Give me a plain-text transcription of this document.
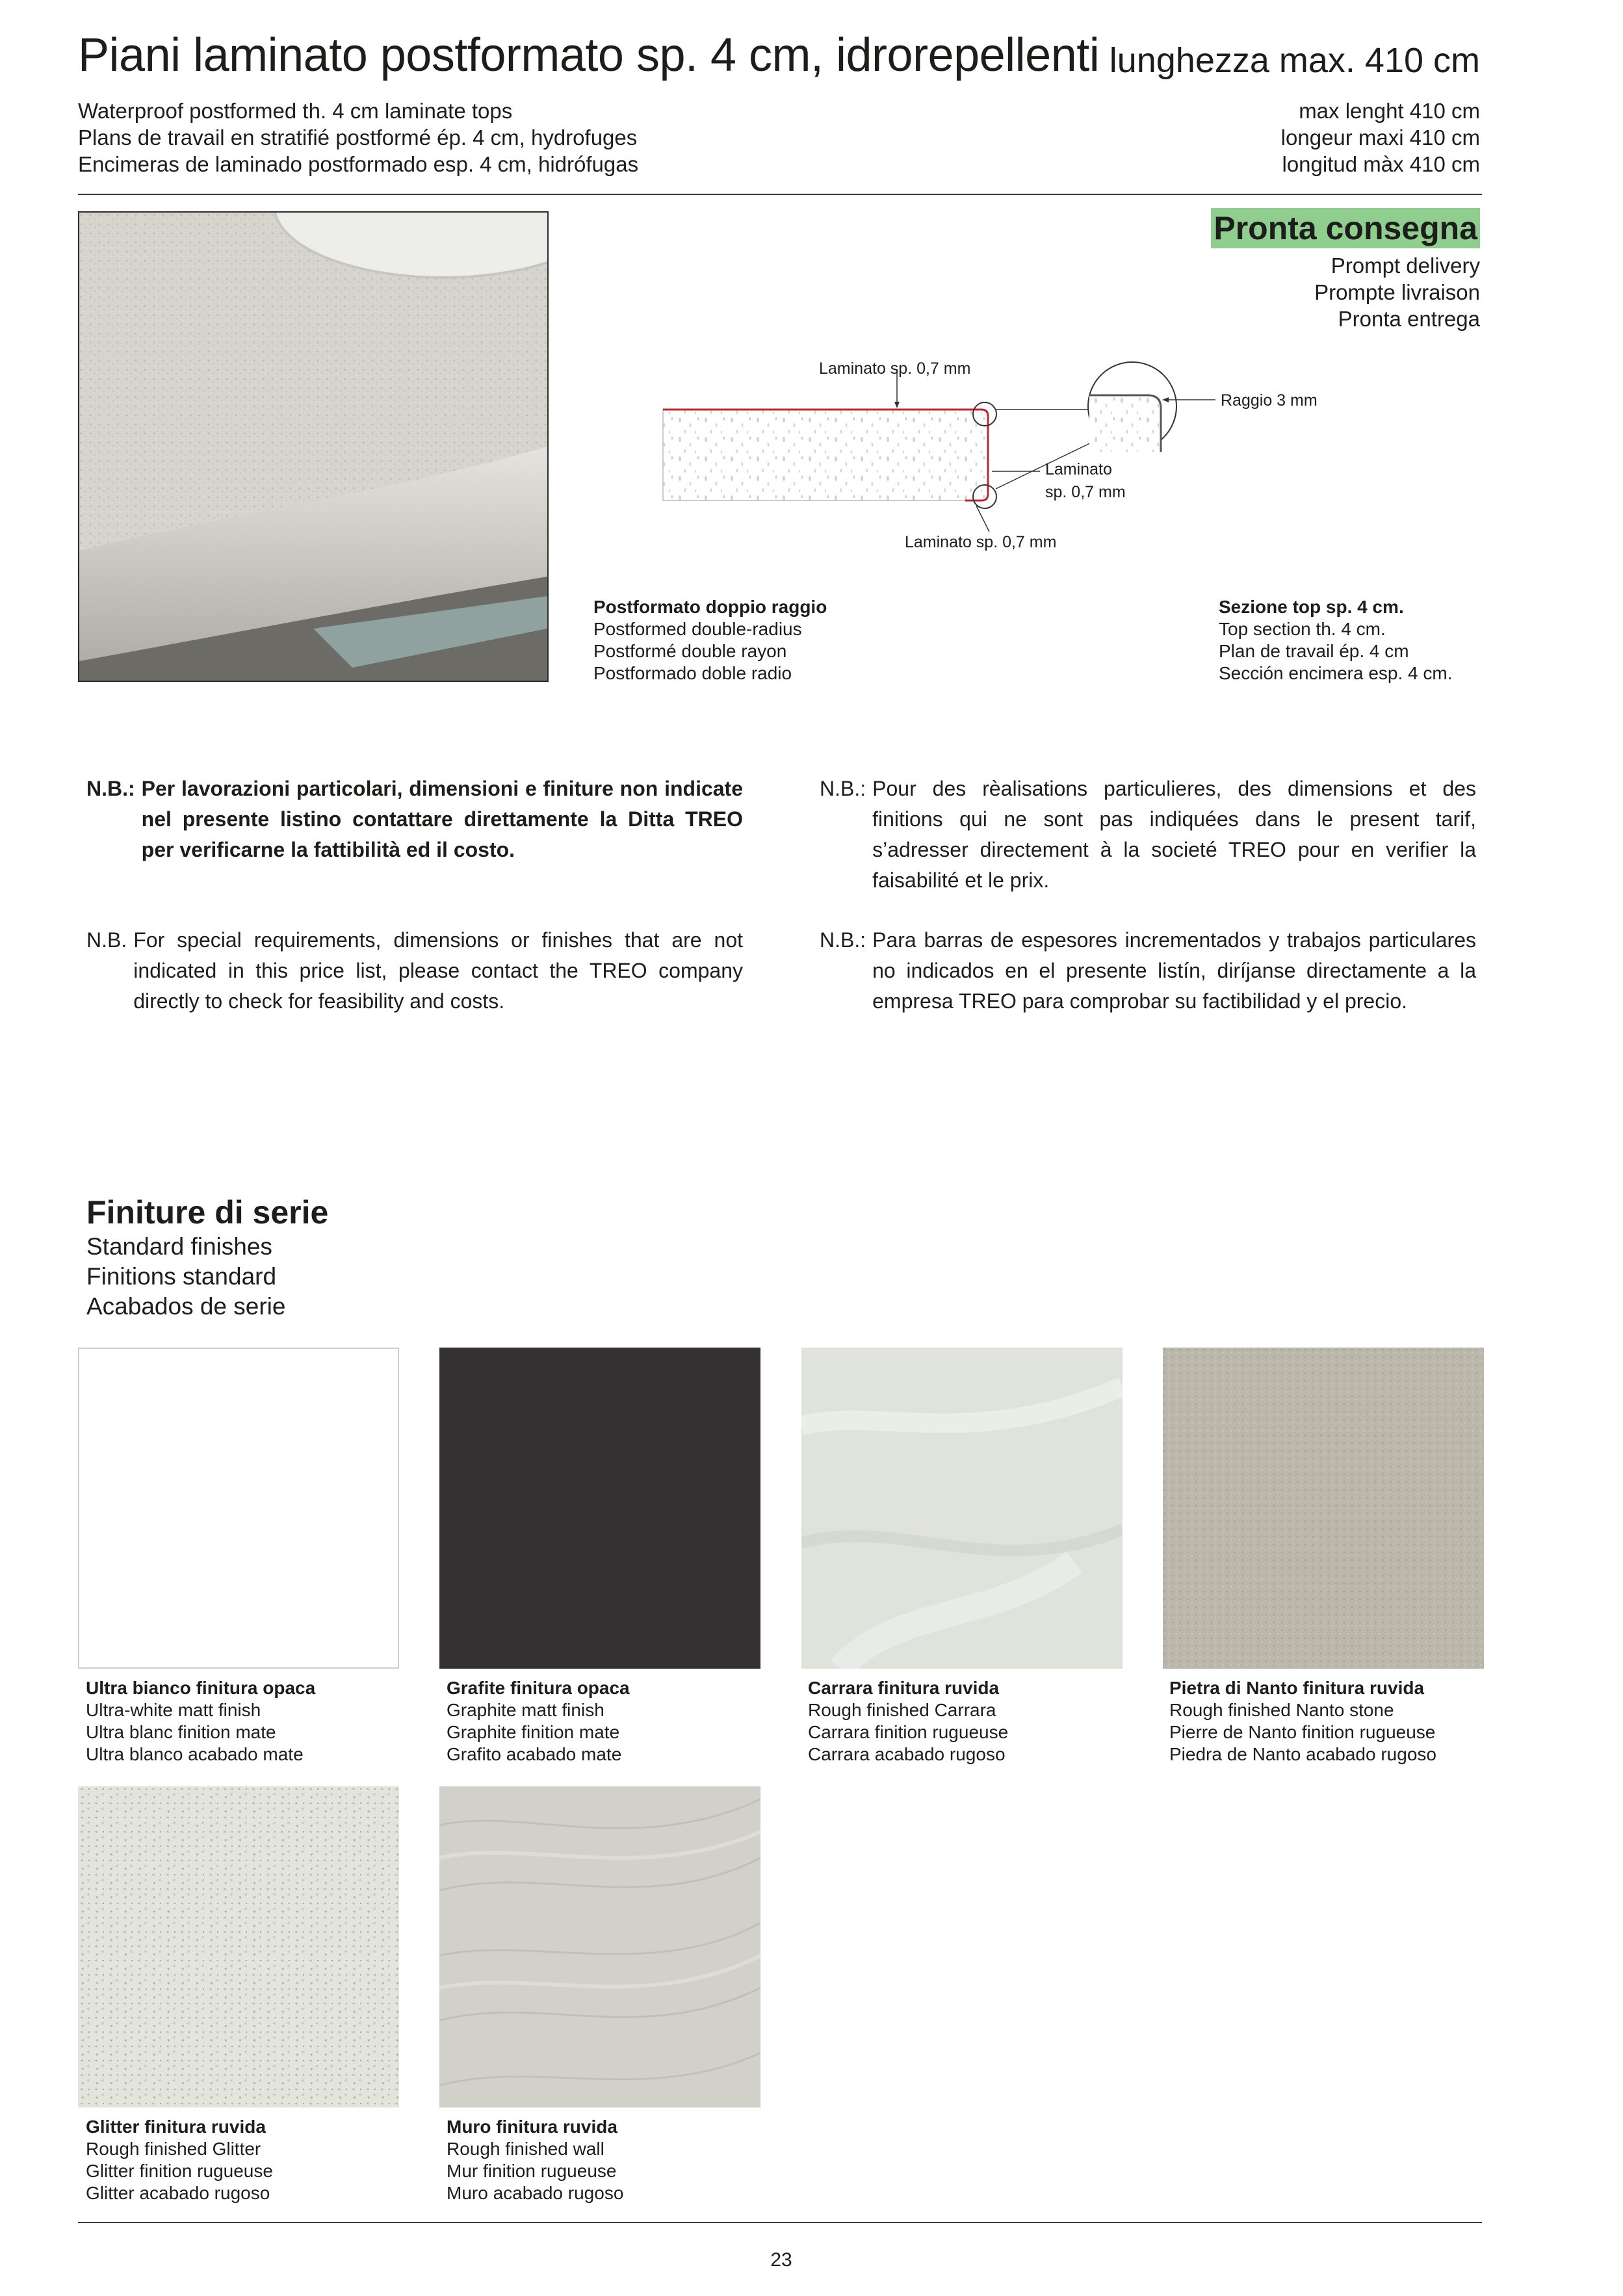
Piani laminato postformato sp. 4 cm, idrorepellenti lunghezza max. 410 cm
Waterproof postformed th. 4 cm laminate tops
Plans de travail en stratifié postformé ép. 4 cm, hydrofuges
Encimeras de laminado postformado esp. 4 cm, hidrófugas
max lenght 410 cm
longeur maxi 410 cm
longitud màx 410 cm
Pronta consegna
Prompt delivery
Prompte livraison
Pronta entrega
Laminato sp. 0,7 mm
Raggio 3 mm
Laminato
sp. 0,7 mm
Laminato sp. 0,7 mm
Postformato doppio raggio
Postformed double-radius
Postformé double rayon
Postformado doble radio
Sezione top sp. 4 cm.
Top section th. 4 cm.
Plan de travail ép. 4 cm
Sección encimera esp. 4 cm.
N.B.: Per lavorazioni particolari, dimensioni e finiture non indicate nel presente listino contattare direttamente la Ditta TREO per verificarne la fattibilità ed il costo.
N.B.: Pour des rèalisations particulieres, des dimensions et des finitions qui ne sont pas indiquées dans le present tarif, s’adresser directement à la societé TREO pour en verifier la faisabilité et le prix.
N.B. For special requirements, dimensions or finishes that are not indicated in this price list, please contact the TREO company directly to check for feasibility and costs.
N.B.: Para barras de espesores incrementados y trabajos particulares no indicados en el presente listín, diríjanse directamente a la empresa TREO para comprobar su factibilidad y el precio.
Finiture di serie
Standard finishes
Finitions standard
Acabados de serie
Ultra bianco finitura opaca
Ultra-white matt finish
Ultra blanc finition mate
Ultra blanco acabado mate
Grafite finitura opaca
Graphite matt finish
Graphite finition mate
Grafito acabado mate
Carrara finitura ruvida
Rough finished Carrara
Carrara finition rugueuse
Carrara acabado rugoso
Pietra di Nanto finitura ruvida
Rough finished Nanto stone
Pierre de Nanto finition rugueuse
Piedra de Nanto acabado rugoso
Glitter finitura ruvida
Rough finished Glitter
Glitter finition rugueuse
Glitter acabado rugoso
Muro finitura ruvida
Rough finished wall
Mur finition rugueuse
Muro acabado rugoso
23
